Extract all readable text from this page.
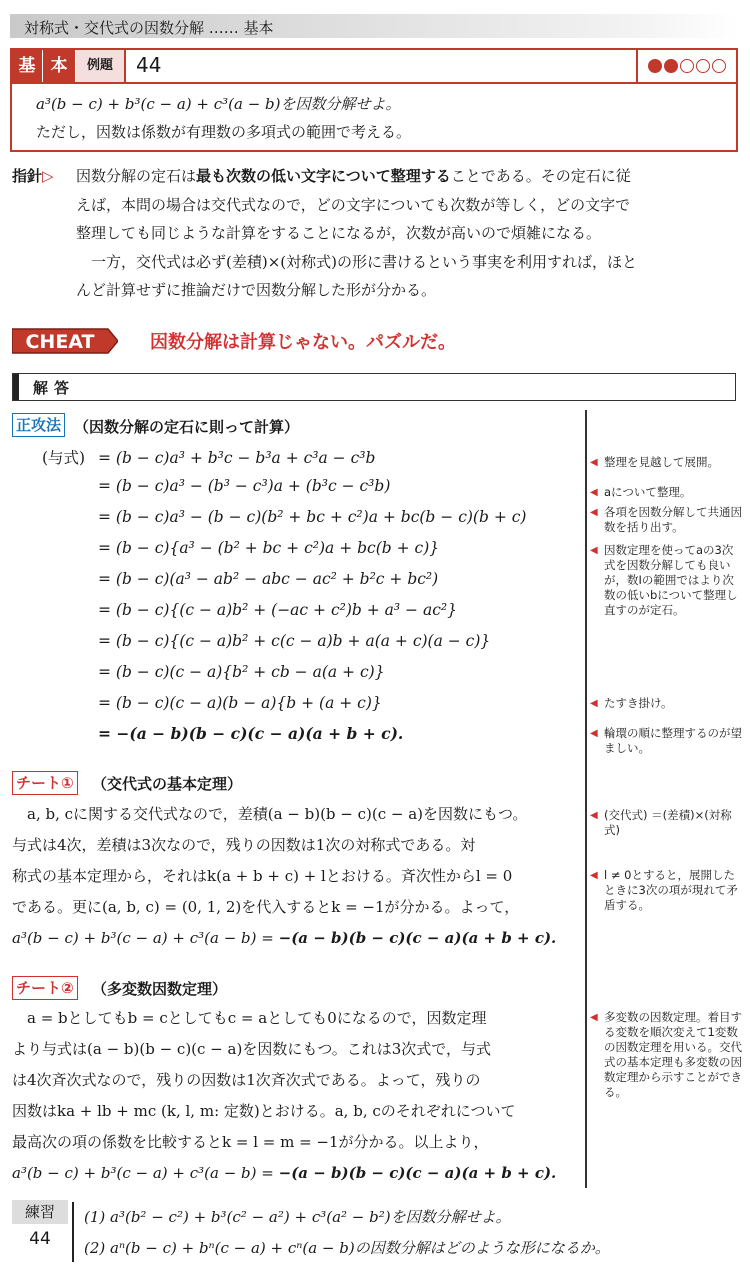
対称式・交代式の因数分解 …… 基本
基 本	例題	44
a³(b − c) + b³(c − a) + c³(a − b)を因数分解せよ。
ただし，因数は係数が有理数の多項式の範囲で考える。
指針▷ 因数分解の定石は最も次数の低い文字について整理することである。その定石に従

えば，本問の場合は交代式なので，どの文字についても次数が等しく，どの文字で

整理しても同じような計算をすることになるが，次数が高いので煩雑になる。

　一方，交代式は必ず(差積)×(対称式)の形に書けるという事実を利用すれば，ほと

んど計算せずに推論だけで因数分解した形が分かる。

CHEAT	因数分解は計算じゃない。パズルだ。
解答
正攻法 （因数分解の定石に則って計算）
(与式) = (b − c)a³ + b³c − b³a + c³a − c³b
= (b − c)a³ − (b³ − c³)a + (b³c − c³b)
= (b − c)a³ − (b − c)(b² + bc + c²)a + bc(b − c)(b + c)
= (b − c){a³ − (b² + bc + c²)a + bc(b + c)}
= (b − c)(a³ − ab² − abc − ac² + b²c + bc²)
= (b − c){(c − a)b² + (−ac + c²)b + a³ − ac²}
= (b − c){(c − a)b² + c(c − a)b + a(a + c)(a − c)}
= (b − c)(c − a){b² + cb − a(a + c)}
= (b − c)(c − a)(b − a){b + (a + c)}
= −(a − b)(b − c)(c − a)(a + b + c).
◀ 整理を見越して展開。
◀ aについて整理。
◀ 各項を因数分解して共通因数を括り出す。
◀ 因数定理を使ってaの3次式を因数分解しても良いが，数Iの範囲ではより次数の低いbについて整理し直すのが定石。
◀ たすき掛け。
◀ 輪環の順に整理するのが望ましい。
チート① （交代式の基本定理）
a, b, cに関する交代式なので，差積(a − b)(b − c)(c − a)を因数にもつ。
与式は4次，差積は3次なので，残りの因数は1次の対称式である。対
称式の基本定理から，それはk(a + b + c) + lとおける。斉次性からl = 0
である。更に(a, b, c) = (0, 1, 2)を代入するとk = −1が分かる。よって，
a³(b − c) + b³(c − a) + c³(a − b) = −(a − b)(b − c)(c − a)(a + b + c).
◀ (交代式) ＝(差積)×(対称式)
◀ l ≠ 0とすると，展開したときに3次の項が現れて矛盾する。
チート② （多変数因数定理）
a = bとしてもb = cとしてもc = aとしても0になるので，因数定理
より与式は(a − b)(b − c)(c − a)を因数にもつ。これは3次式で，与式
は4次斉次式なので，残りの因数は1次斉次式である。よって，残りの
因数はka + lb + mc (k, l, m: 定数)とおける。a, b, cのそれぞれについて
最高次の項の係数を比較するとk = l = m = −1が分かる。以上より，
a³(b − c) + b³(c − a) + c³(a − b) = −(a − b)(b − c)(c − a)(a + b + c).
◀ 多変数の因数定理。着目する変数を順次変えて1変数の因数定理を用いる。交代式の基本定理も多変数の因数定理から示すことができる。
練習
44
(1) a³(b² − c²) + b³(c² − a²) + c³(a² − b²)を因数分解せよ。
(2) aⁿ(b − c) + bⁿ(c − a) + cⁿ(a − b)の因数分解はどのような形になるか。
